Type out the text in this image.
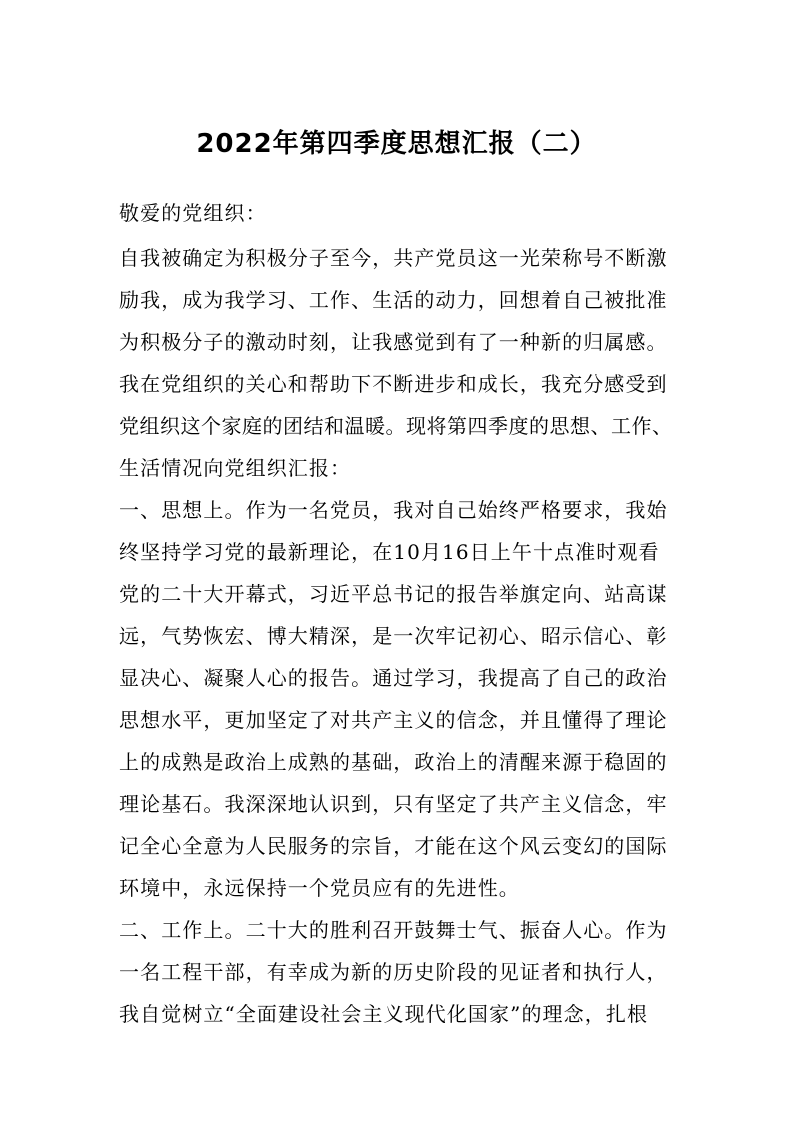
2022年第四季度思想汇报（二）
敬爱的党组织：
自我被确定为积极分子至今，共产党员这一光荣称号不断激
励我，成为我学习、工作、生活的动力，回想着自己被批准
为积极分子的激动时刻，让我感觉到有了一种新的归属感。
我在党组织的关心和帮助下不断进步和成长，我充分感受到
党组织这个家庭的团结和温暖。现将第四季度的思想、工作、
生活情况向党组织汇报：
一、思想上。作为一名党员，我对自己始终严格要求，我始
终坚持学习党的最新理论，在10月16日上午十点准时观看
党的二十大开幕式，习近平总书记的报告举旗定向、站高谋
远，气势恢宏、博大精深，是一次牢记初心、昭示信心、彰
显决心、凝聚人心的报告。通过学习，我提高了自己的政治
思想水平，更加坚定了对共产主义的信念，并且懂得了理论
上的成熟是政治上成熟的基础，政治上的清醒来源于稳固的
理论基石。我深深地认识到，只有坚定了共产主义信念，牢
记全心全意为人民服务的宗旨，才能在这个风云变幻的国际
环境中，永远保持一个党员应有的先进性。
二、工作上。二十大的胜利召开鼓舞士气、振奋人心。作为
一名工程干部，有幸成为新的历史阶段的见证者和执行人，
我自觉树立“全面建设社会主义现代化国家”的理念，扎根
